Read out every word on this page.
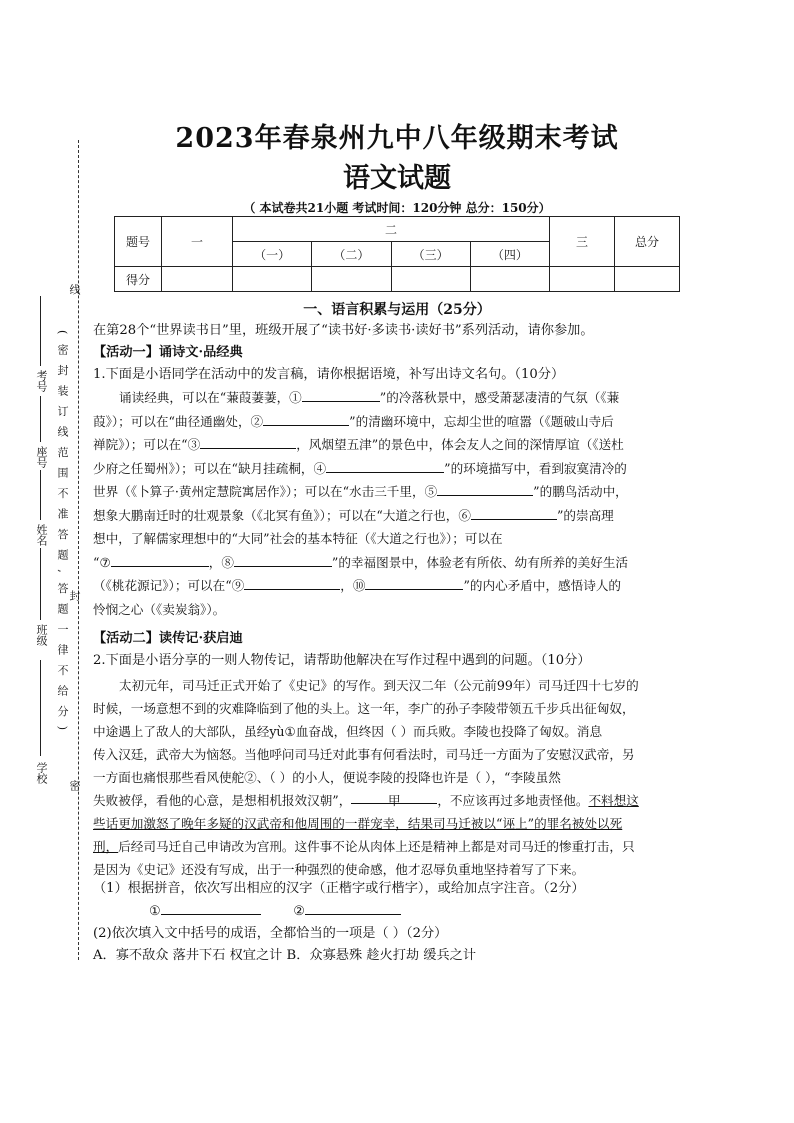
( 密 封 装 订 线 范 围 不 准 答 题 , 答 题 一 律 不 给 分 )
线
封
密
学校
班级
姓名
座号
考号
2023年春泉州九中八年级期末考试
语文试题
（ 本试卷共21小题 考试时间：120分钟 总分：150分）
题号	一	二				三	总分
		（一）	（二）	（三）	（四）		
得分							
一、语言积累与运用（25分）
在第28个“世界读书日”里，班级开展了“读书好·多读书·读好书”系列活动，请你参加。
【活动一】诵诗文·品经典
1.下面是小语同学在活动中的发言稿，请你根据语境，补写出诗文名句。（10分）
诵读经典，可以在“蒹葭萋萋，①	”的冷落秋景中，感受萧瑟凄清的气氛（《蒹
葭》）；可以在“曲径通幽处，②	”的清幽环境中，忘却尘世的喧嚣（《题破山寺后
禅院》）；可以在“③	，风烟望五津”的景色中，体会友人之间的深情厚谊（《送杜
少府之任蜀州》）；可以在“缺月挂疏桐，④	”的环境描写中，看到寂寞清冷的
世界（《卜算子·黄州定慧院寓居作》）；可以在“水击三千里，⑤	”的鹏鸟活动中，
想象大鹏南迁时的壮观景象（《北冥有鱼》）；可以在“大道之行也，⑥	”的崇高理
想中，了解儒家理想中的“大同”社会的基本特征（《大道之行也》）；可以在
“⑦	，⑧	”的幸福图景中，体验老有所依、幼有所养的美好生活
（《桃花源记》）；可以在“⑨	，⑩	”的内心矛盾中，感悟诗人的
怜悯之心（《卖炭翁》）。
【活动二】读传记·获启迪
2.下面是小语分享的一则人物传记，请帮助他解决在写作过程中遇到的问题。（10分）
太初元年，司马迁正式开始了《史记》的写作。到天汉二年（公元前99年）司马迁四十七岁的
时候，一场意想不到的灾难降临到了他的头上。这一年，李广的孙子李陵带领五千步兵出征匈奴，
中途遇上了敌人的大部队，虽经yù①血奋战，但终因（ ）而兵败。李陵也投降了匈奴。消息
传入汉廷，武帝大为恼怒。当他呼问司马迁对此事有何看法时，司马迁一方面为了安慰汉武帝，另
一方面也痛恨那些看风使舵②、（ ）的小人，便说李陵的投降也许是（ ），“李陵虽然
失败被俘，看他的心意，是想相机报效汉朝”，	甲	，不应该再过多地责怪他。不料想这
些话更加激怒了晚年多疑的汉武帝和他周围的一群宠幸，结果司马迁被以“诬上”的罪名被处以死
刑，后经司马迁自己申请改为宫刑。这件事不论从肉体上还是精神上都是对司马迁的惨重打击，只
是因为《史记》还没有写成，出于一种强烈的使命感，他才忍辱负重地坚持着写了下来。
（1）根据拼音，依次写出相应的汉字（正楷字或行楷字），或给加点字注音。（2分）
①	②
(2)依次填入文中括号的成语，全都恰当的一项是（ ）（2分）
A．寡不敌众 落井下石 权宜之计 B．众寡悬殊 趁火打劫 缓兵之计
